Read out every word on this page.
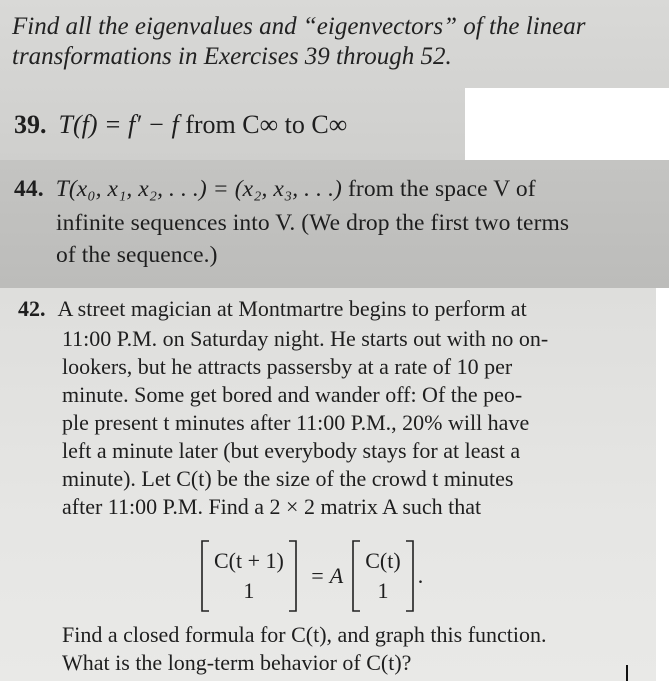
Find all the eigenvalues and “eigenvectors” of the linear transformations in Exercises 39 through 52.
39. T(f) = f′ − f from C∞ to C∞
44. T(x₀, x₁, x₂, . . .) = (x₂, x₃, . . .) from the space V of
infinite sequences into V. (We drop the first two terms
of the sequence.)
42. A street magician at Montmartre begins to perform at
11:00 P.M. on Saturday night. He starts out with no on-
lookers, but he attracts passersby at a rate of 10 per
minute. Some get bored and wander off: Of the peo-
ple present t minutes after 11:00 P.M., 20% will have
left a minute later (but everybody stays for at least a
minute). Let C(t) be the size of the crowd t minutes
after 11:00 P.M. Find a 2 × 2 matrix A such that
C(t + 1)
1
= A
C(t)
1
.
Find a closed formula for C(t), and graph this function.
What is the long-term behavior of C(t)?
